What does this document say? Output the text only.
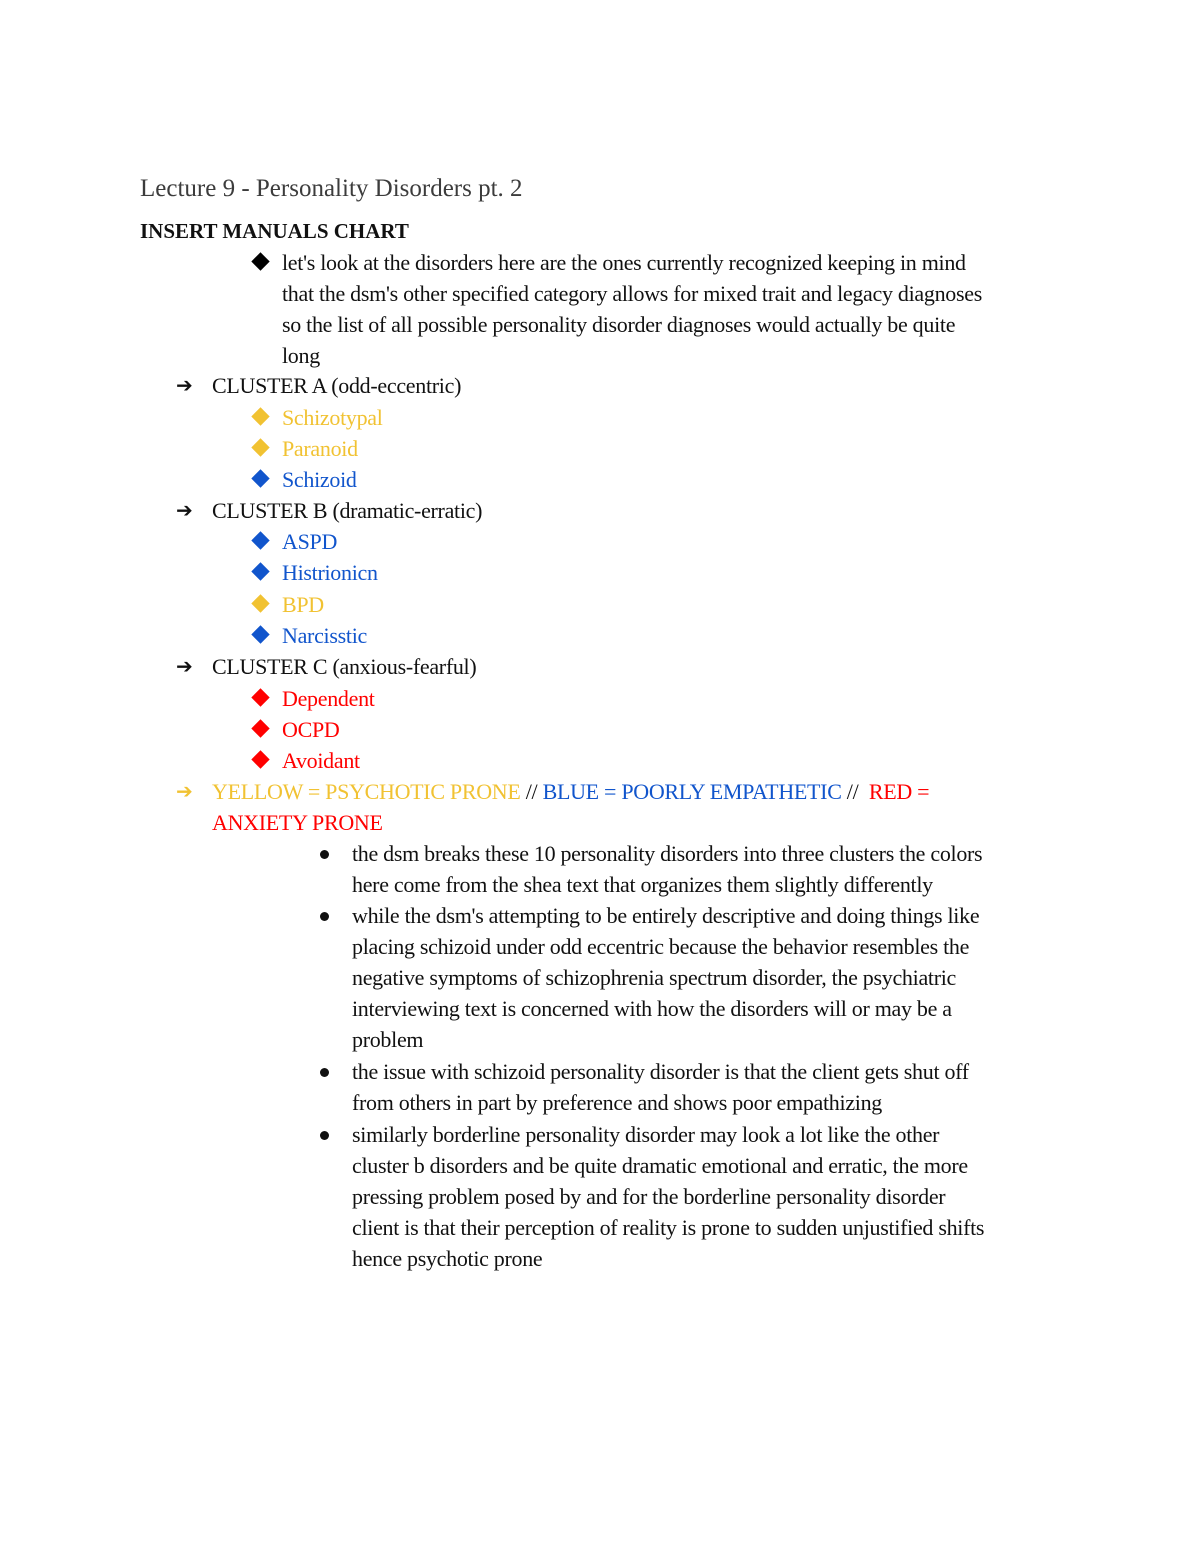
Lecture 9 - Personality Disorders pt. 2
INSERT MANUALS CHART
let's look at the disorders here are the ones currently recognized keeping in mind
that the dsm's other specified category allows for mixed trait and legacy diagnoses
so the list of all possible personality disorder diagnoses would actually be quite
long
➔ CLUSTER A (odd-eccentric)
Schizotypal
Paranoid
Schizoid
➔ CLUSTER B (dramatic-erratic)
ASPD
Histrionicn
BPD
Narcisstic
➔ CLUSTER C (anxious-fearful)
Dependent
OCPD
Avoidant
➔ YELLOW = PSYCHOTIC PRONE // BLUE = POORLY EMPATHETIC //  RED =
ANXIETY PRONE
the dsm breaks these 10 personality disorders into three clusters the colors
here come from the shea text that organizes them slightly differently
while the dsm's attempting to be entirely descriptive and doing things like
placing schizoid under odd eccentric because the behavior resembles the
negative symptoms of schizophrenia spectrum disorder, the psychiatric
interviewing text is concerned with how the disorders will or may be a
problem
the issue with schizoid personality disorder is that the client gets shut off
from others in part by preference and shows poor empathizing
similarly borderline personality disorder may look a lot like the other
cluster b disorders and be quite dramatic emotional and erratic, the more
pressing problem posed by and for the borderline personality disorder
client is that their perception of reality is prone to sudden unjustified shifts
hence psychotic prone
